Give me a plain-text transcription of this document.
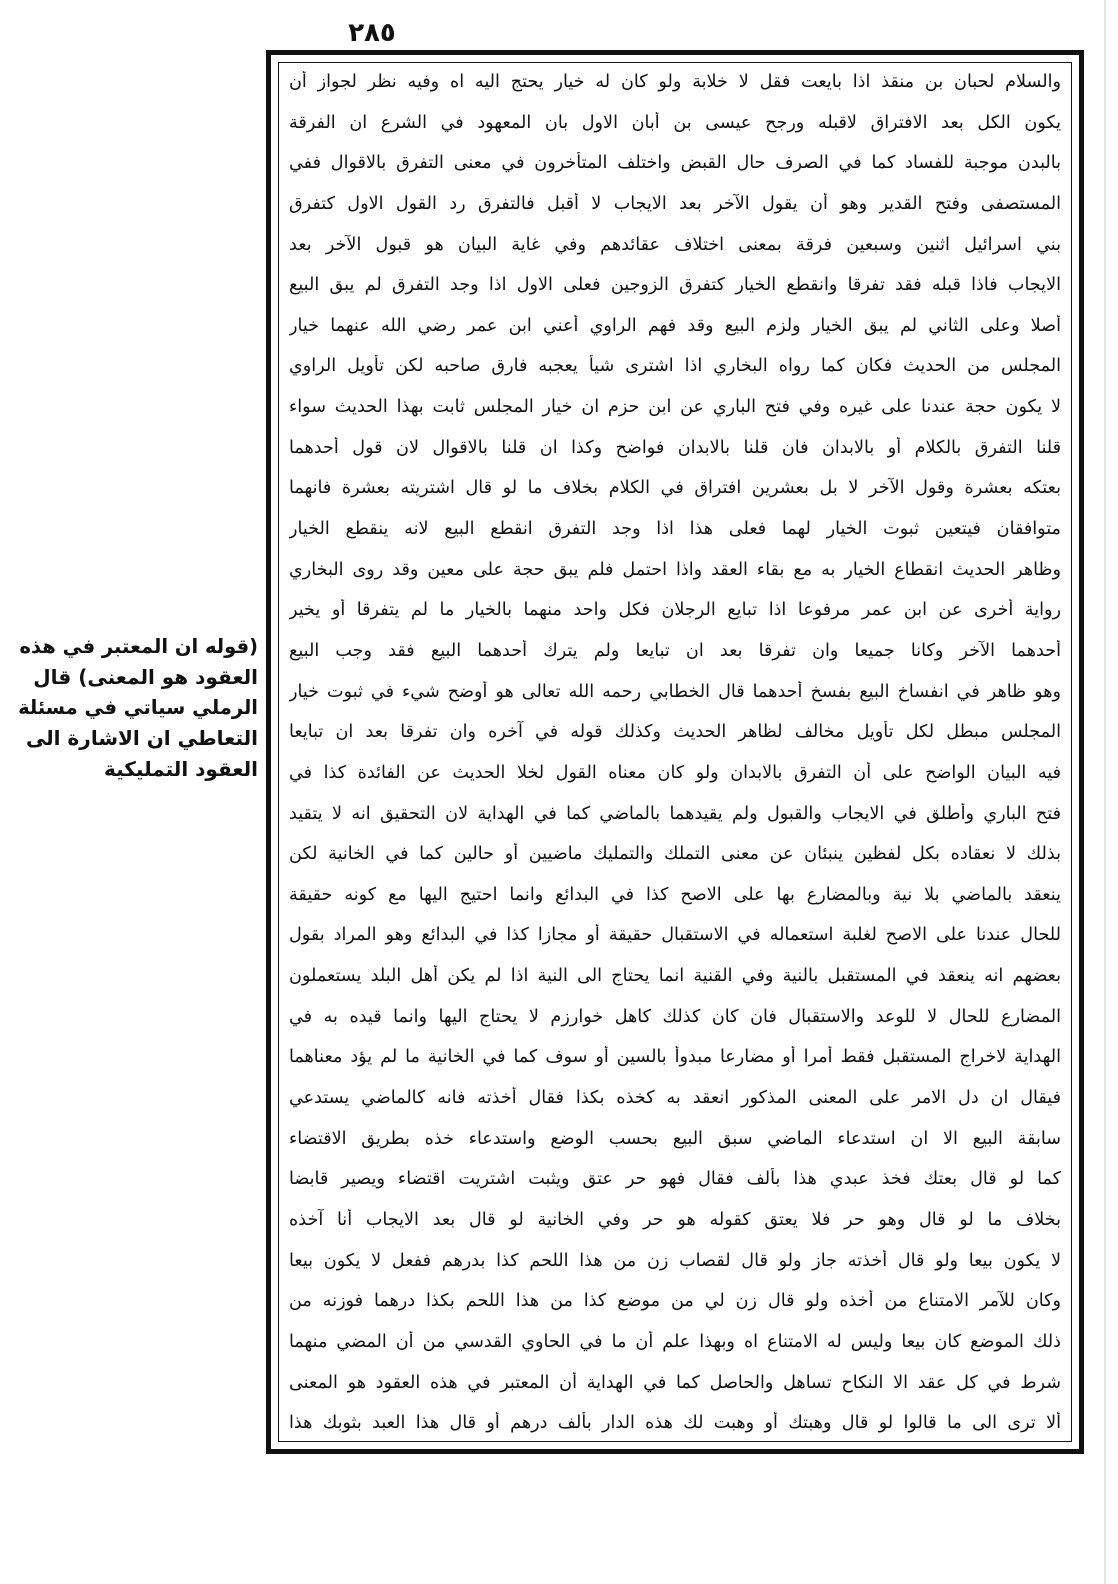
٢٨٥
والسلام لحبان بن منقذ اذا بايعت فقل لا خلابة ولو كان له خيار يحتج اليه اه وفيه نظر لجواز أن
يكون الكل بعد الافتراق لاقبله ورجح عيسى بن أبان الاول بان المعهود في الشرع ان الفرقة
بالبدن موجبة للفساد كما في الصرف حال القبض واختلف المتأخرون في معنى التفرق بالاقوال ففي
المستصفى وفتح القدير وهو أن يقول الآخر بعد الايجاب لا أقبل فالتفرق رد القول الاول كتفرق
بني اسرائيل اثنين وسبعين فرقة بمعنى اختلاف عقائدهم وفي غاية البيان هو قبول الآخر بعد
الايجاب فاذا قبله فقد تفرقا وانقطع الخيار كتفرق الزوجين فعلى الاول اذا وجد التفرق لم يبق البيع
أصلا وعلى الثاني لم يبق الخيار ولزم البيع وقد فهم الراوي أعني ابن عمر رضي الله عنهما خيار
المجلس من الحديث فكان كما رواه البخاري اذا اشترى شيأ يعجبه فارق صاحبه لكن تأويل الراوي
لا يكون حجة عندنا على غيره وفي فتح الباري عن ابن حزم ان خيار المجلس ثابت بهذا الحديث سواء
قلنا التفرق بالكلام أو بالابدان فان قلنا بالابدان فواضح وكذا ان قلنا بالاقوال لان قول أحدهما
بعتكه بعشرة وقول الآخر لا بل بعشرين افتراق في الكلام بخلاف ما لو قال اشتريته بعشرة فانهما
متوافقان فيتعين ثبوت الخيار لهما فعلى هذا اذا وجد التفرق انقطع البيع لانه ينقطع الخيار
وظاهر الحديث انقطاع الخيار به مع بقاء العقد واذا احتمل فلم يبق حجة على معين وقد روى البخاري
رواية أخرى عن ابن عمر مرفوعا اذا تبايع الرجلان فكل واحد منهما بالخيار ما لم يتفرقا أو يخير
أحدهما الآخر وكانا جميعا وان تفرقا بعد ان تبايعا ولم يترك أحدهما البيع فقد وجب البيع
وهو ظاهر في انفساخ البيع بفسخ أحدهما قال الخطابي رحمه الله تعالى هو أوضح شيء في ثبوت خيار
المجلس مبطل لكل تأويل مخالف لظاهر الحديث وكذلك قوله في آخره وان تفرقا بعد ان تبايعا
فيه البيان الواضح على أن التفرق بالابدان ولو كان معناه القول لخلا الحديث عن الفائدة كذا في
فتح الباري وأطلق في الايجاب والقبول ولم يقيدهما بالماضي كما في الهداية لان التحقيق انه لا يتقيد
بذلك لا نعقاده بكل لفظين ينبئان عن معنى التملك والتمليك ماضيين أو حالين كما في الخانية لكن
ينعقد بالماضي بلا نية وبالمضارع بها على الاصح كذا في البدائع وانما احتيج اليها مع كونه حقيقة
للحال عندنا على الاصح لغلبة استعماله في الاستقبال حقيقة أو مجازا كذا في البدائع وهو المراد بقول
بعضهم انه ينعقد في المستقبل بالنية وفي القنية انما يحتاج الى النية اذا لم يكن أهل البلد يستعملون
المضارع للحال لا للوعد والاستقبال فان كان كذلك كاهل خوارزم لا يحتاج اليها وانما قيده به في
الهداية لاخراج المستقبل فقط أمرا أو مضارعا مبدوأ بالسين أو سوف كما في الخانية ما لم يؤد معناهما
فيقال ان دل الامر على المعنى المذكور انعقد به كخذه بكذا فقال أخذته فانه كالماضي يستدعي
سابقة البيع الا ان استدعاء الماضي سبق البيع بحسب الوضع واستدعاء خذه بطريق الاقتضاء
كما لو قال بعتك فخذ عبدي هذا بألف فقال فهو حر عتق ويثبت اشتريت اقتضاء ويصير قابضا
بخلاف ما لو قال وهو حر فلا يعتق كقوله هو حر وفي الخانية لو قال بعد الايجاب أنا آخذه
لا يكون بيعا ولو قال أخذته جاز ولو قال لقصاب زن من هذا اللحم كذا بدرهم ففعل لا يكون بيعا
وكان للآمر الامتناع من أخذه ولو قال زن لي من موضع كذا من هذا اللحم بكذا درهما فوزنه من
ذلك الموضع كان بيعا وليس له الامتناع اه وبهذا علم أن ما في الحاوي القدسي من أن المضي منهما
شرط في كل عقد الا النكاح تساهل والحاصل كما في الهداية أن المعتبر في هذه العقود هو المعنى
ألا ترى الى ما قالوا لو قال وهبتك أو وهبت لك هذه الدار بألف درهم أو قال هذا العبد بثوبك هذا
(قوله ان المعتبر في هذه
العقود هو المعنى) قال
الرملي سياتي في مسئلة
التعاطي ان الاشارة الى
العقود التمليكية
